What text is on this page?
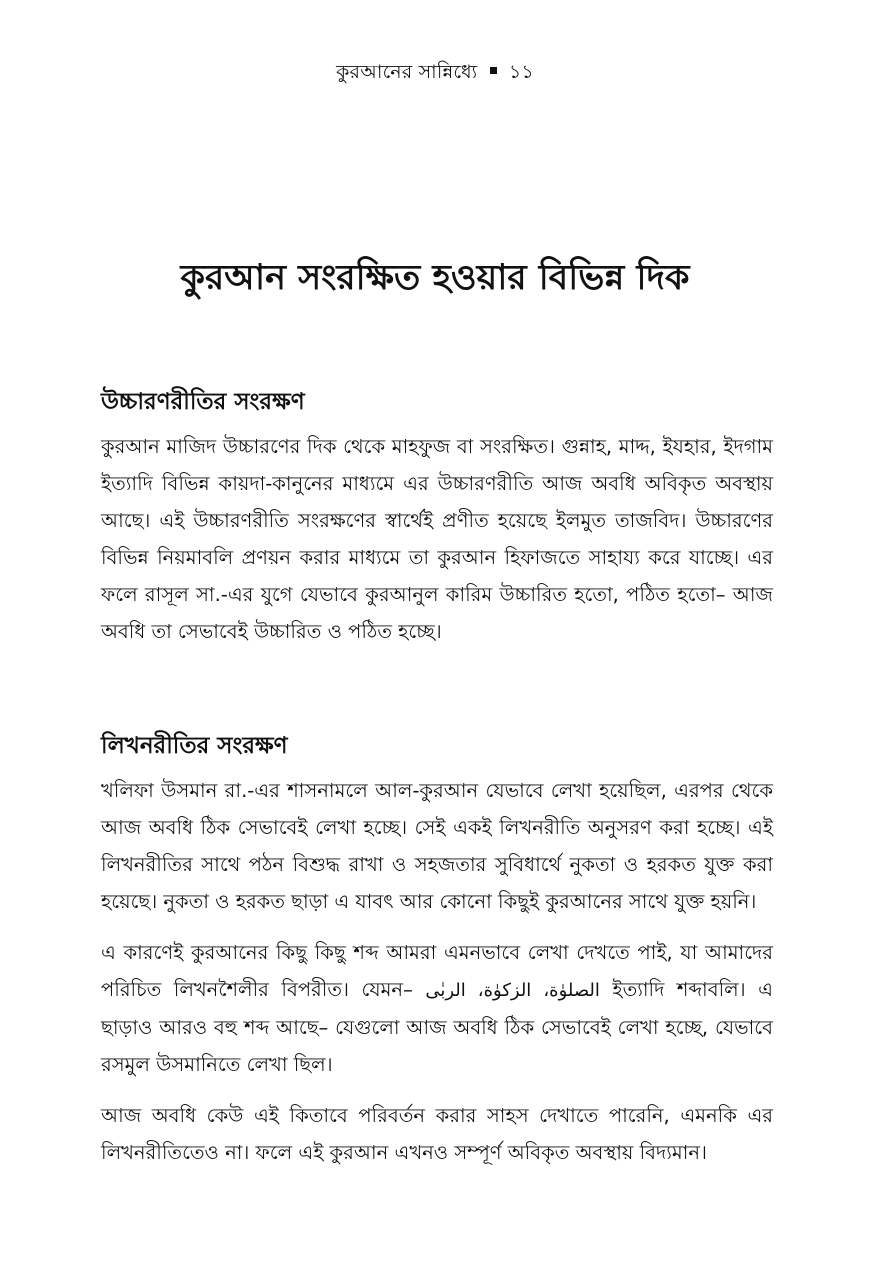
কুরআনের সান্নিধ্যে ১১
কুরআন সংরক্ষিত হওয়ার বিভিন্ন দিক
উচ্চারণরীতির সংরক্ষণ

কুরআন মাজিদ উচ্চারণের দিক থেকে মাহফুজ বা সংরক্ষিত। গুন্নাহ, মাদ্দ, ইযহার, ইদগাম ইত্যাদি বিভিন্ন কায়দা-কানুনের মাধ্যমে এর উচ্চারণরীতি আজ অবধি অবিকৃত অবস্থায় আছে। এই উচ্চারণরীতি সংরক্ষণের স্বার্থেই প্রণীত হয়েছে ইলমুত তাজবিদ। উচ্চারণের বিভিন্ন নিয়মাবলি প্রণয়ন করার মাধ্যমে তা কুরআন হিফাজতে সাহায্য করে যাচ্ছে। এর ফলে রাসূল সা.-এর যুগে যেভাবে কুরআনুল কারিম উচ্চারিত হতো, পঠিত হতো– আজ অবধি তা সেভাবেই উচ্চারিত ও পঠিত হচ্ছে।

লিখনরীতির সংরক্ষণ

খলিফা উসমান রা.-এর শাসনামলে আল-কুরআন যেভাবে লেখা হয়েছিল, এরপর থেকে আজ অবধি ঠিক সেভাবেই লেখা হচ্ছে। সেই একই লিখনরীতি অনুসরণ করা হচ্ছে। এই লিখনরীতির সাথে পঠন বিশুদ্ধ রাখা ও সহজতার সুবিধার্থে নুকতা ও হরকত যুক্ত করা হয়েছে। নুকতা ও হরকত ছাড়া এ যাবৎ আর কোনো কিছুই কুরআনের সাথে যুক্ত হয়নি।

এ কারণেই কুরআনের কিছু কিছু শব্দ আমরা এমনভাবে লেখা দেখতে পাই, যা আমাদের পরিচিত লিখনশৈলীর বিপরীত। যেমন– الصلوٰة، الزكوٰة، الربٰى ইত্যাদি শব্দাবলি। এ ছাড়াও আরও বহু শব্দ আছে– যেগুলো আজ অবধি ঠিক সেভাবেই লেখা হচ্ছে, যেভাবে রসমুল উসমানিতে লেখা ছিল।

আজ অবধি কেউ এই কিতাবে পরিবর্তন করার সাহস দেখাতে পারেনি, এমনকি এর লিখনরীতিতেও না। ফলে এই কুরআন এখনও সম্পূর্ণ অবিকৃত অবস্থায় বিদ্যমান।
